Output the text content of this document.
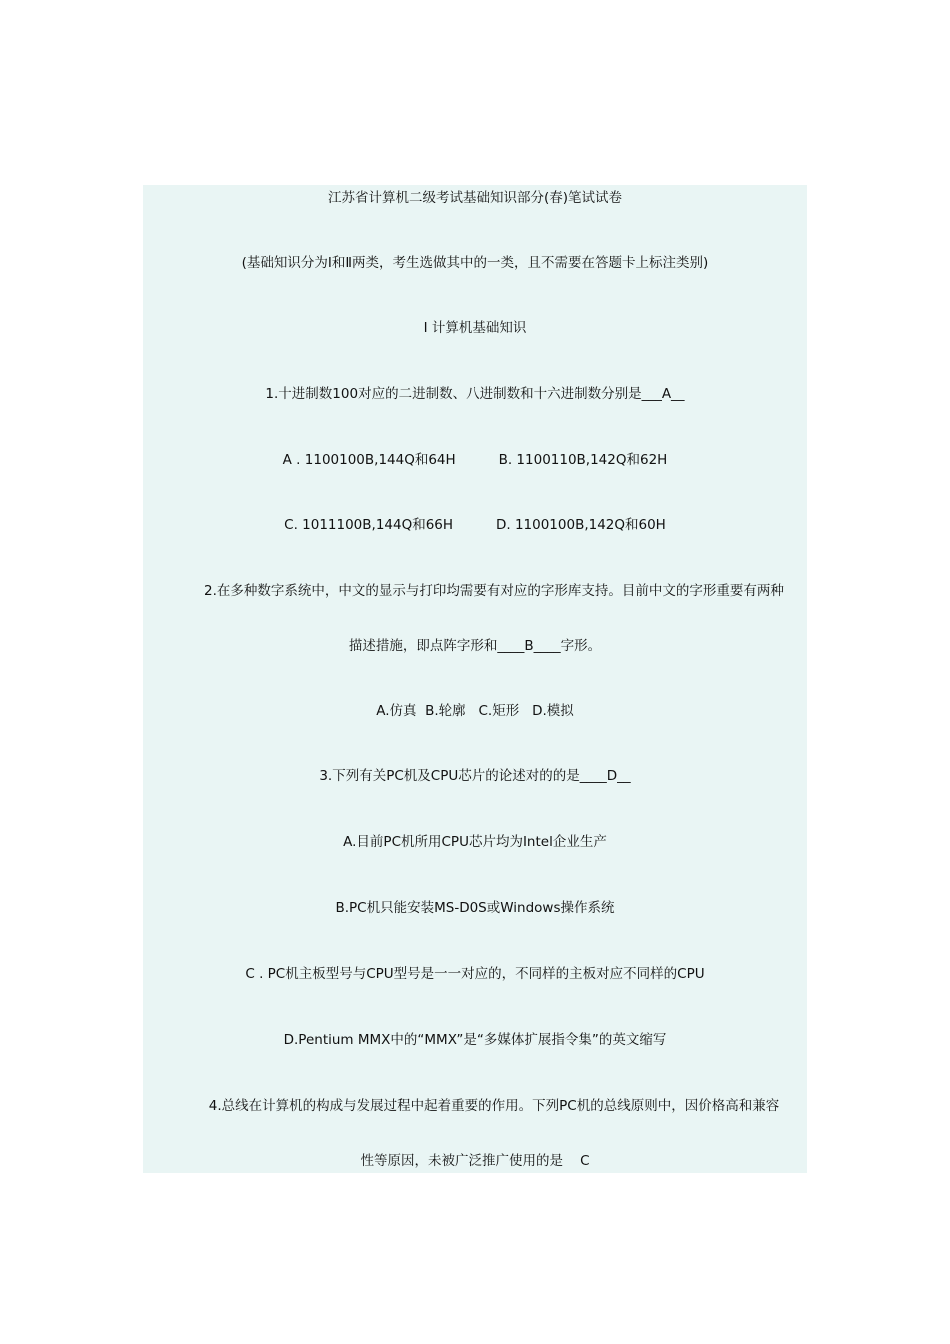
江苏省计算机二级考试基础知识部分(春)笔试试卷
(基础知识分为Ⅰ和Ⅱ两类，考生选做其中的一类，且不需要在答题卡上标注类别)
Ⅰ 计算机基础知识
1.十进制数100对应的二进制数、八进制数和十六进制数分别是___A__
A . 1100100B,144Q和64H          B. 1100110B,142Q和62H
C. 1011100B,144Q和66H          D. 1100100B,142Q和60H
2.在多种数字系统中，中文的显示与打印均需要有对应的字形库支持。目前中文的字形重要有两种
描述措施，即点阵字形和____B____字形。
A.仿真  B.轮廓   C.矩形   D.模拟
3.下列有关PC机及CPU芯片的论述对的的是____D__
A.目前PC机所用CPU芯片均为Intel企业生产
B.PC机只能安装MS-D0S或Windows操作系统
C . PC机主板型号与CPU型号是一一对应的，不同样的主板对应不同样的CPU
D.Pentium MMX中的“MMX”是“多媒体扩展指令集”的英文缩写
4.总线在计算机的构成与发展过程中起着重要的作用。下列PC机的总线原则中，因价格高和兼容
性等原因，未被广泛推广使用的是    C
